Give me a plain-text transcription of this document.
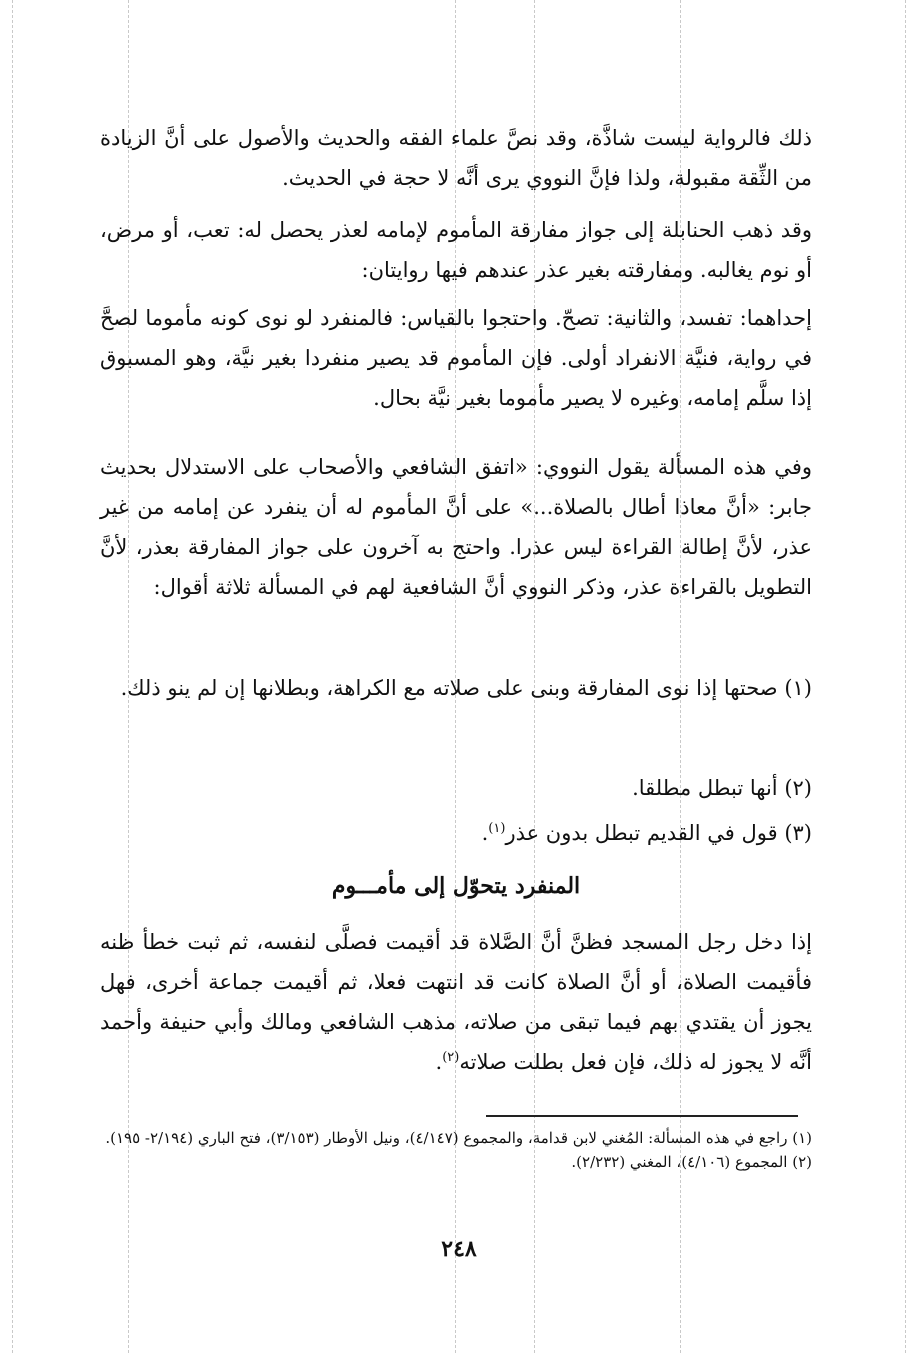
ذلك فالرواية ليست شاذَّة، وقد نصَّ علماء الفقه والحديث والأصول على أنَّ الزيادة من الثِّقة مقبولة، ولذا فإنَّ النووي يرى أنَّه لا حجة في الحديث.

وقد ذهب الحنابلة إلى جواز مفارقة المأموم لإمامه لعذر يحصل له: تعب، أو مرض، أو نوم يغالبه. ومفارقته بغير عذر عندهم فيها روايتان:

إحداهما: تفسد، والثانية: تصحّ. واحتجوا بالقياس: فالمنفرد لو نوى كونه مأموما لصحَّ في رواية، فنيَّة الانفراد أولى. فإن المأموم قد يصير منفردا بغير نيَّة، وهو المسبوق إذا سلَّم إمامه، وغيره لا يصير مأموما بغير نيَّة بحال.

وفي هذه المسألة يقول النووي: «اتفق الشافعي والأصحاب على الاستدلال بحديث جابر: «أنَّ معاذا أطال بالصلاة...» على أنَّ المأموم له أن ينفرد عن إمامه من غير عذر، لأنَّ إطالة القراءة ليس عذرا. واحتج به آخرون على جواز المفارقة بعذر، لأنَّ التطويل بالقراءة عذر، وذكر النووي أنَّ الشافعية لهم في المسألة ثلاثة أقوال:

(١) صحتها إذا نوى المفارقة وبنى على صلاته مع الكراهة، وبطلانها إن لم ينو ذلك.

(٢) أنها تبطل مطلقا.
(٣) قول في القديم تبطل بدون عذر$^{(١)}$.
المنفرد يتحوّل إلى مأمـــوم

إذا دخل رجل المسجد فظنَّ أنَّ الصَّلاة قد أقيمت فصلَّى لنفسه، ثم ثبت خطأ ظنه فأقيمت الصلاة، أو أنَّ الصلاة كانت قد انتهت فعلا، ثم أقيمت جماعة أخرى، فهل يجوز أن يقتدي بهم فيما تبقى من صلاته، مذهب الشافعي ومالك وأبي حنيفة وأحمد أنَّه لا يجوز له ذلك، فإن فعل بطلت صلاته$^{(٢)}$.

(١) راجع في هذه المسألة: المُغني لابن قدامة، والمجموع (٤/١٤٧)، ونيل الأوطار (٣/١٥٣)، فتح الباري (٢/١٩٤- ١٩٥).

(٢) المجموع (٤/١٠٦)، المغني (٢/٢٣٢).

٢٤٨
